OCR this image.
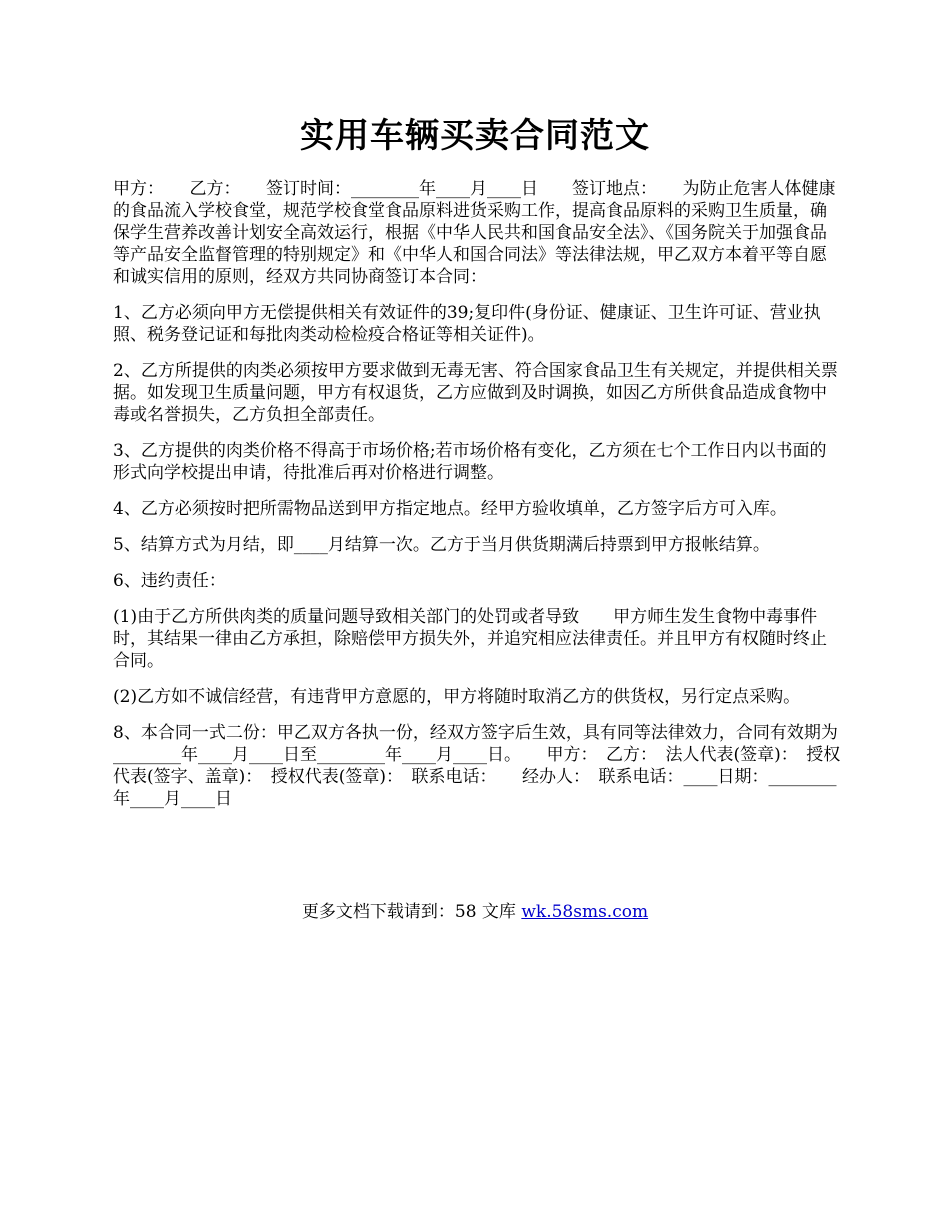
实用车辆买卖合同范文

甲方：　　乙方：　　签订时间：________年____月____日　　签订地点：　　为防止危害人体健康的食品流入学校食堂，规范学校食堂食品原料进货采购工作，提高食品原料的采购卫生质量，确保学生营养改善计划安全高效运行，根据《中华人民共和国食品安全法》、《国务院关于加强食品等产品安全监督管理的特别规定》和《中华人和国合同法》等法律法规，甲乙双方本着平等自愿和诚实信用的原则，经双方共同协商签订本合同：

1、乙方必须向甲方无偿提供相关有效证件的39;复印件(身份证、健康证、卫生许可证、营业执照、税务登记证和每批肉类动检检疫合格证等相关证件)。

2、乙方所提供的肉类必须按甲方要求做到无毒无害、符合国家食品卫生有关规定，并提供相关票据。如发现卫生质量问题，甲方有权退货，乙方应做到及时调换，如因乙方所供食品造成食物中毒或名誉损失，乙方负担全部责任。

3、乙方提供的肉类价格不得高于市场价格;若市场价格有变化，乙方须在七个工作日内以书面的形式向学校提出申请，待批准后再对价格进行调整。

4、乙方必须按时把所需物品送到甲方指定地点。经甲方验收填单，乙方签字后方可入库。

5、结算方式为月结，即____月结算一次。乙方于当月供货期满后持票到甲方报帐结算。

6、违约责任：

(1)由于乙方所供肉类的质量问题导致相关部门的处罚或者导致　　甲方师生发生食物中毒事件时，其结果一律由乙方承担，除赔偿甲方损失外，并追究相应法律责任。并且甲方有权随时终止合同。

(2)乙方如不诚信经营，有违背甲方意愿的，甲方将随时取消乙方的供货权，另行定点采购。

8、本合同一式二份：甲乙双方各执一份，经双方签字后生效，具有同等法律效力，合同有效期为________年____月____日至________年____月____日。　　甲方：　乙方：　法人代表(签章)：　授权代表(签字、盖章)：　授权代表(签章)：　联系电话：　　经办人：　联系电话：____日期：________年____月____日

更多文档下载请到：58 文库 wk.58sms.com
